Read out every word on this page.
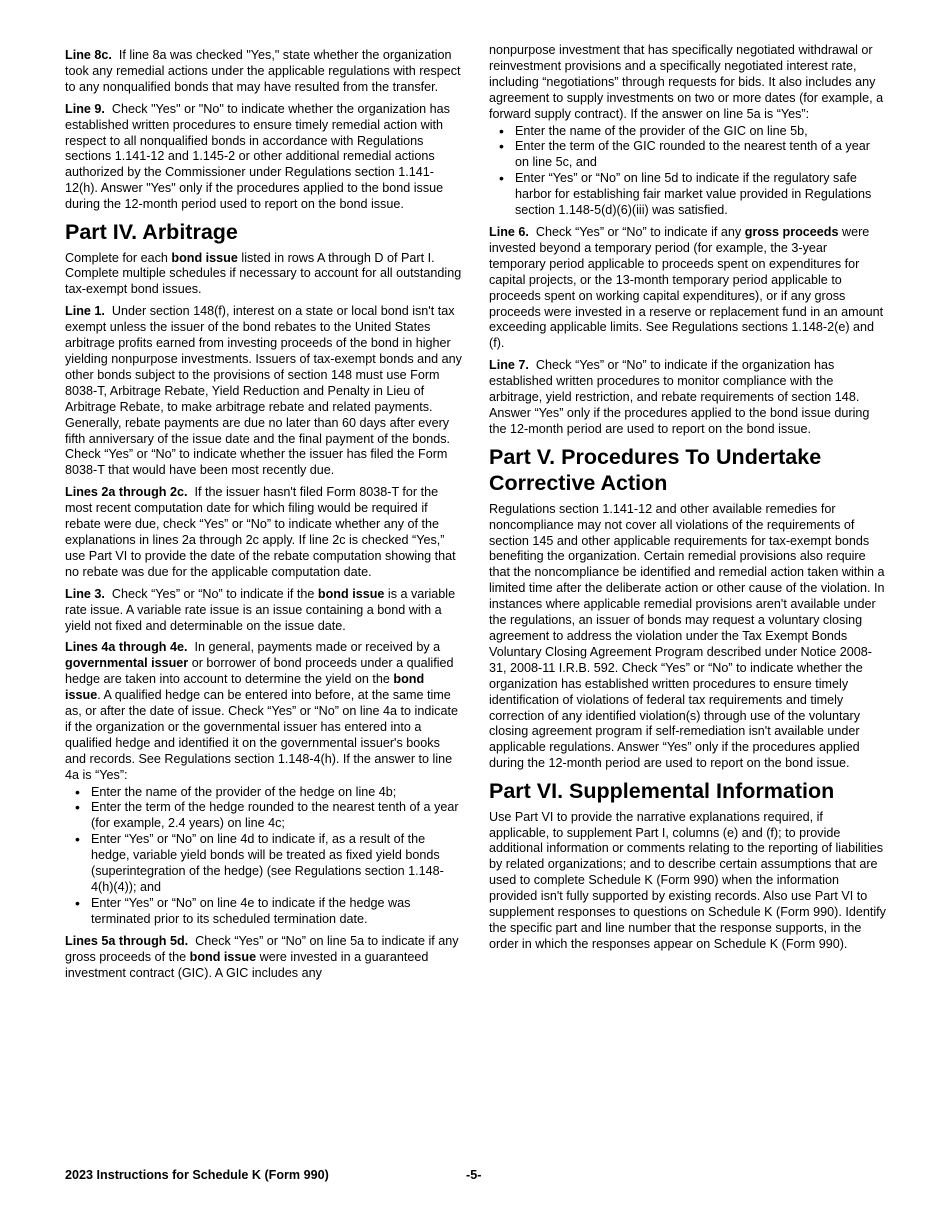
Line 8c. If line 8a was checked "Yes," state whether the organization took any remedial actions under the applicable regulations with respect to any nonqualified bonds that may have resulted from the transfer.

Line 9. Check "Yes" or "No" to indicate whether the organization has established written procedures to ensure timely remedial action with respect to all nonqualified bonds in accordance with Regulations sections 1.141-12 and 1.145-2 or other additional remedial actions authorized by the Commissioner under Regulations section 1.141-12(h). Answer "Yes" only if the procedures applied to the bond issue during the 12-month period used to report on the bond issue.

Part IV. Arbitrage

Complete for each bond issue listed in rows A through D of Part I. Complete multiple schedules if necessary to account for all outstanding tax-exempt bond issues.

Line 1. Under section 148(f), interest on a state or local bond isn't tax exempt unless the issuer of the bond rebates to the United States arbitrage profits earned from investing proceeds of the bond in higher yielding nonpurpose investments. Issuers of tax-exempt bonds and any other bonds subject to the provisions of section 148 must use Form 8038-T, Arbitrage Rebate, Yield Reduction and Penalty in Lieu of Arbitrage Rebate, to make arbitrage rebate and related payments. Generally, rebate payments are due no later than 60 days after every fifth anniversary of the issue date and the final payment of the bonds. Check “Yes” or “No” to indicate whether the issuer has filed the Form 8038-T that would have been most recently due.

Lines 2a through 2c. If the issuer hasn't filed Form 8038-T for the most recent computation date for which filing would be required if rebate were due, check “Yes” or “No” to indicate whether any of the explanations in lines 2a through 2c apply. If line 2c is checked “Yes,” use Part VI to provide the date of the rebate computation showing that no rebate was due for the applicable computation date.

Line 3. Check “Yes” or “No” to indicate if the bond issue is a variable rate issue. A variable rate issue is an issue containing a bond with a yield not fixed and determinable on the issue date.

Lines 4a through 4e. In general, payments made or received by a governmental issuer or borrower of bond proceeds under a qualified hedge are taken into account to determine the yield on the bond issue. A qualified hedge can be entered into before, at the same time as, or after the date of issue. Check “Yes” or “No” on line 4a to indicate if the organization or the governmental issuer has entered into a qualified hedge and identified it on the governmental issuer's books and records. See Regulations section 1.148-4(h). If the answer to line 4a is “Yes”:

• Enter the name of the provider of the hedge on line 4b;
• Enter the term of the hedge rounded to the nearest tenth of a year (for example, 2.4 years) on line 4c;
• Enter “Yes” or “No” on line 4d to indicate if, as a result of the hedge, variable yield bonds will be treated as fixed yield bonds (superintegration of the hedge) (see Regulations section 1.148-4(h)(4)); and
• Enter “Yes” or “No” on line 4e to indicate if the hedge was terminated prior to its scheduled termination date.

Lines 5a through 5d. Check “Yes” or “No” on line 5a to indicate if any gross proceeds of the bond issue were invested in a guaranteed investment contract (GIC). A GIC includes any

nonpurpose investment that has specifically negotiated withdrawal or reinvestment provisions and a specifically negotiated interest rate, including “negotiations” through requests for bids. It also includes any agreement to supply investments on two or more dates (for example, a forward supply contract). If the answer on line 5a is “Yes”:

• Enter the name of the provider of the GIC on line 5b,
• Enter the term of the GIC rounded to the nearest tenth of a year on line 5c, and
• Enter “Yes” or “No” on line 5d to indicate if the regulatory safe harbor for establishing fair market value provided in Regulations section 1.148-5(d)(6)(iii) was satisfied.

Line 6. Check “Yes” or “No” to indicate if any gross proceeds were invested beyond a temporary period (for example, the 3-year temporary period applicable to proceeds spent on expenditures for capital projects, or the 13-month temporary period applicable to proceeds spent on working capital expenditures), or if any gross proceeds were invested in a reserve or replacement fund in an amount exceeding applicable limits. See Regulations sections 1.148-2(e) and (f).

Line 7. Check “Yes” or “No” to indicate if the organization has established written procedures to monitor compliance with the arbitrage, yield restriction, and rebate requirements of section 148. Answer “Yes” only if the procedures applied to the bond issue during the 12-month period are used to report on the bond issue.

Part V. Procedures To Undertake Corrective Action

Regulations section 1.141-12 and other available remedies for noncompliance may not cover all violations of the requirements of section 145 and other applicable requirements for tax-exempt bonds benefiting the organization. Certain remedial provisions also require that the noncompliance be identified and remedial action taken within a limited time after the deliberate action or other cause of the violation. In instances where applicable remedial provisions aren't available under the regulations, an issuer of bonds may request a voluntary closing agreement to address the violation under the Tax Exempt Bonds Voluntary Closing Agreement Program described under Notice 2008-31, 2008-11 I.R.B. 592. Check “Yes” or “No” to indicate whether the organization has established written procedures to ensure timely identification of violations of federal tax requirements and timely correction of any identified violation(s) through use of the voluntary closing agreement program if self-remediation isn't available under applicable regulations. Answer “Yes” only if the procedures applied during the 12-month period are used to report on the bond issue.

Part VI. Supplemental Information

Use Part VI to provide the narrative explanations required, if applicable, to supplement Part I, columns (e) and (f); to provide additional information or comments relating to the reporting of liabilities by related organizations; and to describe certain assumptions that are used to complete Schedule K (Form 990) when the information provided isn't fully supported by existing records. Also use Part VI to supplement responses to questions on Schedule K (Form 990). Identify the specific part and line number that the response supports, in the order in which the responses appear on Schedule K (Form 990).

2023 Instructions for Schedule K (Form 990)	-5-
